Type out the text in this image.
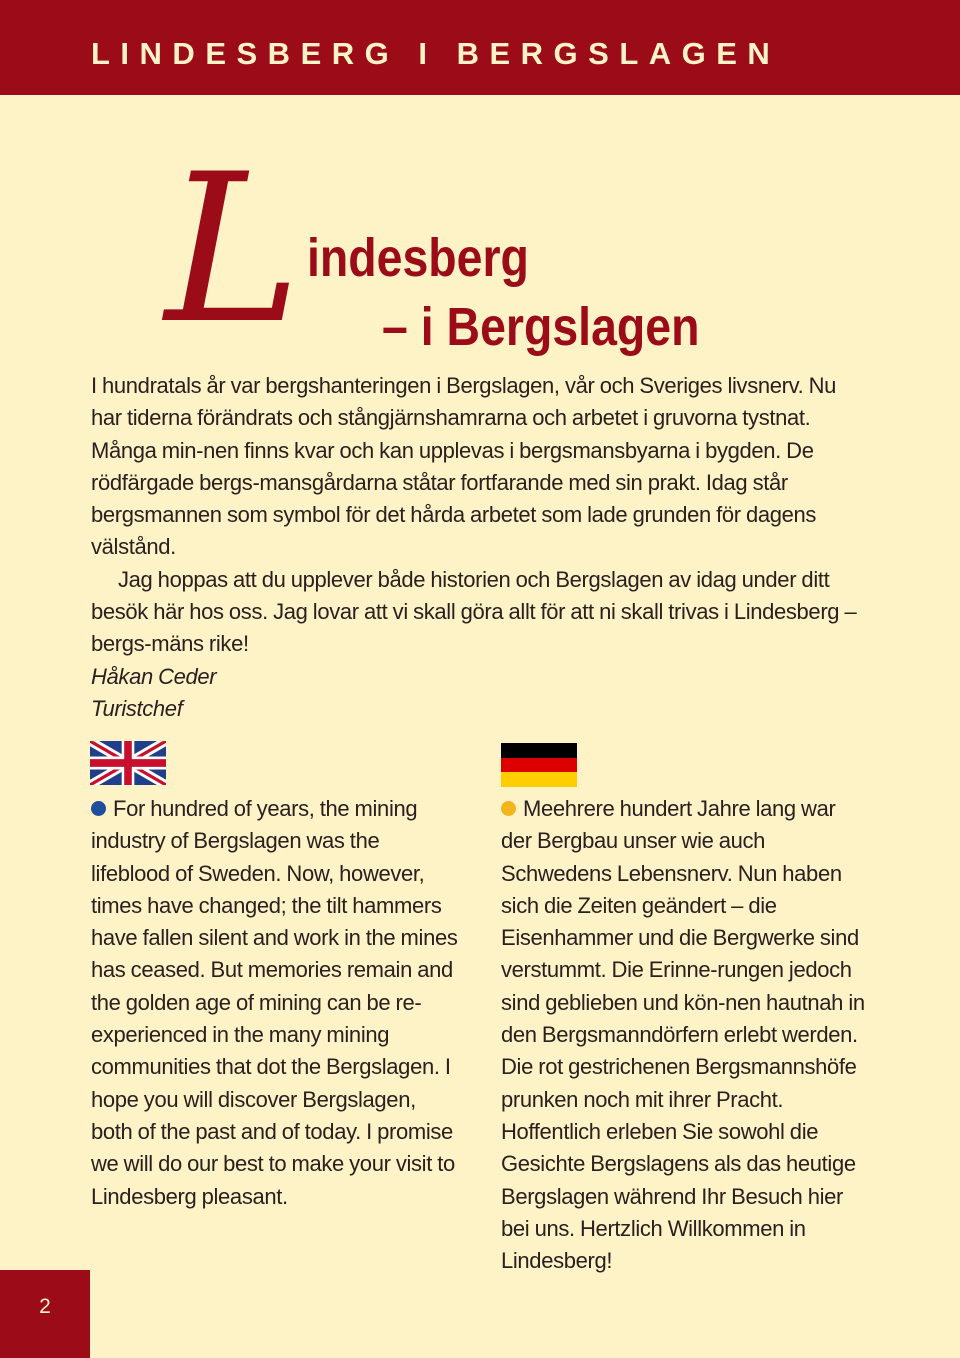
LINDESBERG I BERGSLAGEN
L indesberg
– i Bergslagen

I hundratals år var bergshanteringen i Bergslagen, vår och Sveriges livsnerv. Nu har tiderna förändrats och stångjärnshamrarna och arbetet i gruvorna tystnat. Många min-nen finns kvar och kan upplevas i bergsmansbyarna i bygden. De rödfärgade bergs-mansgårdarna ståtar fortfarande med sin prakt. Idag står bergsmannen som symbol för det hårda arbetet som lade grunden för dagens välstånd.

Jag hoppas att du upplever både historien och Bergslagen av idag under ditt besök här hos oss. Jag lovar att vi skall göra allt för att ni skall trivas i Lindesberg – bergs-mäns rike!

Håkan Ceder

Turistchef

For hundred of years, the mining industry of Bergslagen was the lifeblood of Sweden. Now, however, times have changed; the tilt hammers have fallen silent and work in the mines has ceased. But memories remain and the golden age of mining can be re-experienced in the many mining communities that dot the Bergslagen. I hope you will discover Bergslagen, both of the past and of today. I promise we will do our best to make your visit to Lindesberg pleasant.

Meehrere hundert Jahre lang war der Bergbau unser wie auch Schwedens Lebensnerv. Nun haben sich die Zeiten geändert – die Eisenhammer und die Bergwerke sind verstummt. Die Erinne-rungen jedoch sind geblieben und kön-nen hautnah in den Bergsmanndörfern erlebt werden. Die rot gestrichenen Bergsmannshöfe prunken noch mit ihrer Pracht. Hoffentlich erleben Sie sowohl die Gesichte Bergslagens als das heutige Bergslagen während Ihr Besuch hier bei uns. Hertzlich Willkommen in Lindesberg!

2
